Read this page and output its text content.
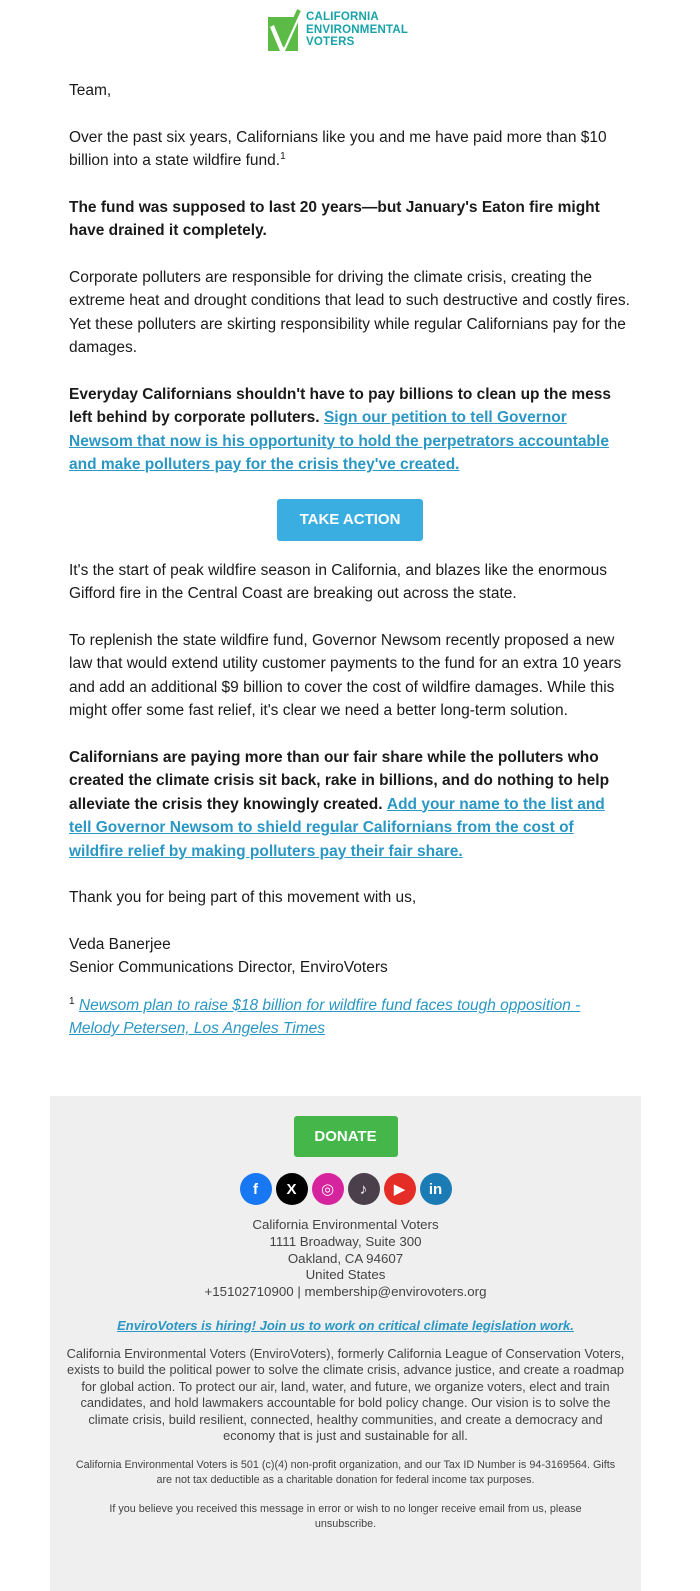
CALIFORNIA
ENVIRONMENTAL
VOTERS

Team,

Over the past six years, Californians like you and me have paid more than $10 billion into a state wildfire fund.$^1$

The fund was supposed to last 20 years—but January's Eaton fire might have drained it completely.

Corporate polluters are responsible for driving the climate crisis, creating the extreme heat and drought conditions that lead to such destructive and costly fires. Yet these polluters are skirting responsibility while regular Californians pay for the damages.

Everyday Californians shouldn't have to pay billions to clean up the mess left behind by corporate polluters. Sign our petition to tell Governor Newsom that now is his opportunity to hold the perpetrators accountable and make polluters pay for the crisis they've created.

TAKE ACTION

It's the start of peak wildfire season in California, and blazes like the enormous Gifford fire in the Central Coast are breaking out across the state.

To replenish the state wildfire fund, Governor Newsom recently proposed a new law that would extend utility customer payments to the fund for an extra 10 years and add an additional $9 billion to cover the cost of wildfire damages. While this might offer some fast relief, it's clear we need a better long-term solution.

Californians are paying more than our fair share while the polluters who created the climate crisis sit back, rake in billions, and do nothing to help alleviate the crisis they knowingly created. Add your name to the list and tell Governor Newsom to shield regular Californians from the cost of wildfire relief by making polluters pay their fair share.

Thank you for being part of this movement with us,

Veda Banerjee

Senior Communications Director, EnviroVoters

$^1$ Newsom plan to raise $18 billion for wildfire fund faces tough opposition - Melody Petersen, Los Angeles Times

DONATE
f	X	◎	♪	▶	in
California Environmental Voters
1111 Broadway, Suite 300
Oakland, CA 94607
United States
+15102710900 | membership@envirovoters.org
EnviroVoters is hiring! Join us to work on critical climate legislation work.
California Environmental Voters (EnviroVoters), formerly California League of Conservation Voters, exists to build the political power to solve the climate crisis, advance justice, and create a roadmap for global action. To protect our air, land, water, and future, we organize voters, elect and train candidates, and hold lawmakers accountable for bold policy change. Our vision is to solve the climate crisis, build resilient, connected, healthy communities, and create a democracy and economy that is just and sustainable for all.
California Environmental Voters is 501 (c)(4) non-profit organization, and our Tax ID Number is 94-3169564. Gifts are not tax deductible as a charitable donation for federal income tax purposes.
If you believe you received this message in error or wish to no longer receive email from us, please unsubscribe.
